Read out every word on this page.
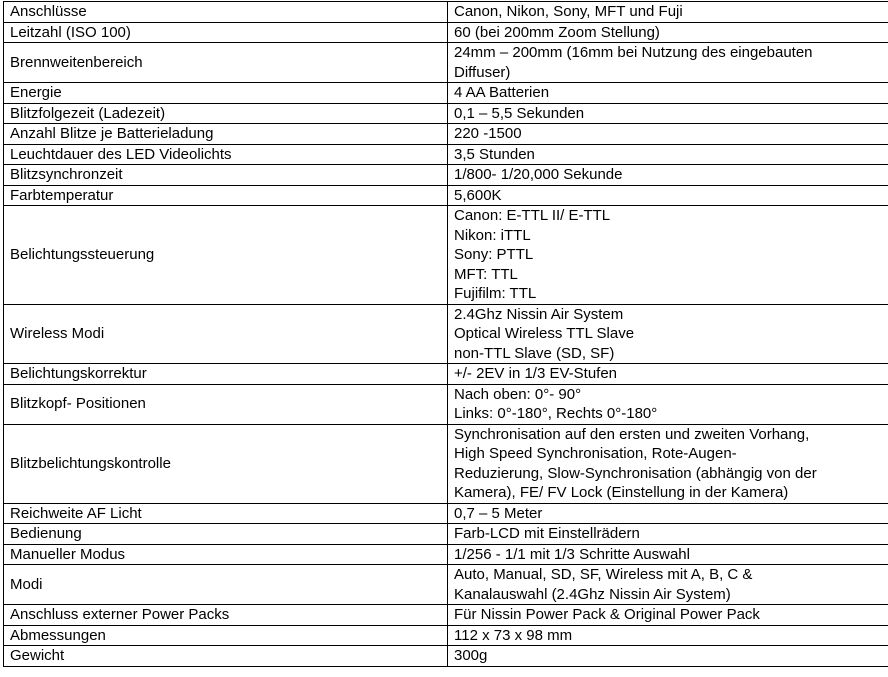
Anschlüsse	Canon, Nikon, Sony, MFT und Fuji

Leitzahl (ISO 100)	60 (bei 200mm Zoom Stellung)

Brennweitenbereich	24mm – 200mm (16mm bei Nutzung des eingebauten
Diffuser)

Energie	4 AA Batterien

Blitzfolgezeit (Ladezeit)	0,1 – 5,5 Sekunden

Anzahl Blitze je Batterieladung	220 -1500

Leuchtdauer des LED Videolichts	3,5 Stunden

Blitzsynchronzeit	1/800- 1/20,000 Sekunde

Farbtemperatur	5,600K

Belichtungssteuerung	Canon: E-TTL II/ E-TTL
Nikon: iTTL
Sony: PTTL
MFT: TTL
Fujifilm: TTL

Wireless Modi	2.4Ghz Nissin Air System
Optical Wireless TTL Slave
non-TTL Slave (SD, SF)

Belichtungskorrektur	+/- 2EV in 1/3 EV-Stufen

Blitzkopf- Positionen	Nach oben: 0°- 90°
Links: 0°-180°, Rechts 0°-180°

Blitzbelichtungskontrolle	Synchronisation auf den ersten und zweiten Vorhang,
High Speed Synchronisation, Rote-Augen-
Reduzierung, Slow-Synchronisation (abhängig von der
Kamera), FE/ FV Lock (Einstellung in der Kamera)

Reichweite AF Licht	0,7 – 5 Meter

Bedienung	Farb-LCD mit Einstellrädern

Manueller Modus	1/256 - 1/1 mit 1/3 Schritte Auswahl

Modi	Auto, Manual, SD, SF, Wireless mit A, B, C &
Kanalauswahl (2.4Ghz Nissin Air System)

Anschluss externer Power Packs	Für Nissin Power Pack & Original Power Pack

Abmessungen	112 x 73 x 98 mm

Gewicht	300g
